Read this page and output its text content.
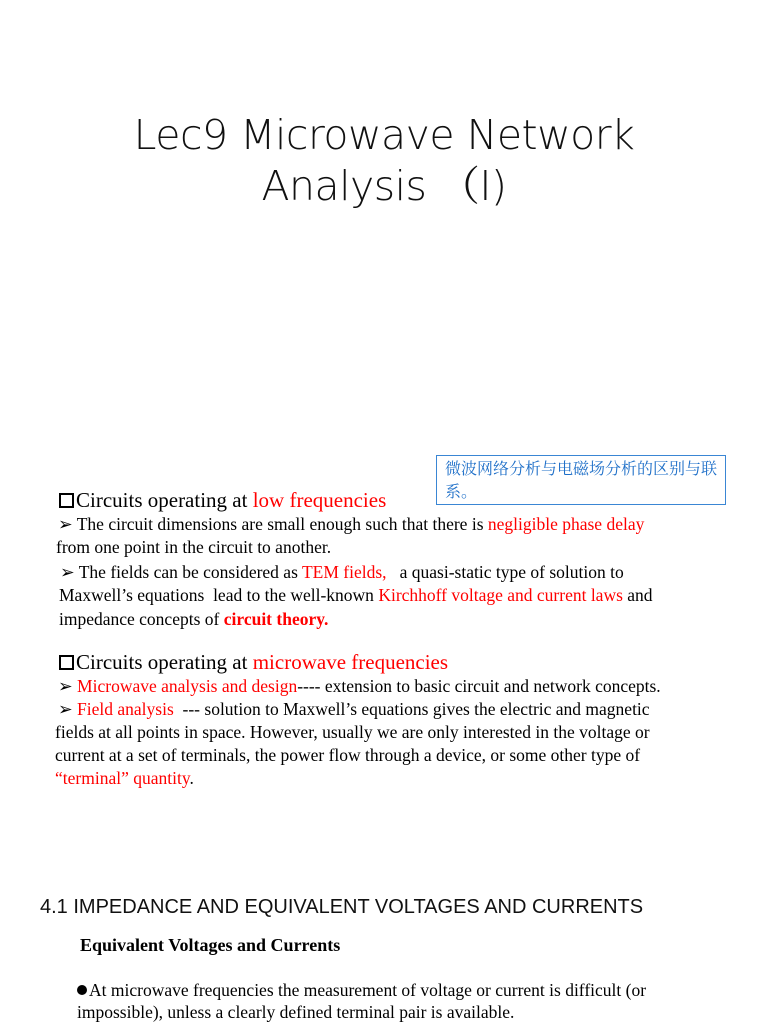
Lec9 Microwave Network
Analysis （I)
微波网络分析与电磁场分析的区别与联系。
Circuits operating at low frequencies
➢ The circuit dimensions are small enough such that there is negligible phase delay
from one point in the circuit to another.
➢ The fields can be considered as TEM fields,   a quasi-static type of solution to
Maxwell’s equations  lead to the well-known Kirchhoff voltage and current laws and
impedance concepts of circuit theory.
Circuits operating at microwave frequencies
➢ Microwave analysis and design---- extension to basic circuit and network concepts.
➢ Field analysis  --- solution to Maxwell’s equations gives the electric and magnetic
fields at all points in space. However, usually we are only interested in the voltage or
current at a set of terminals, the power flow through a device, or some other type of
“terminal” quantity.
4.1 IMPEDANCE AND EQUIVALENT VOLTAGES AND CURRENTS
Equivalent Voltages and Currents
At microwave frequencies the measurement of voltage or current is difficult (or
impossible), unless a clearly defined terminal pair is available.
